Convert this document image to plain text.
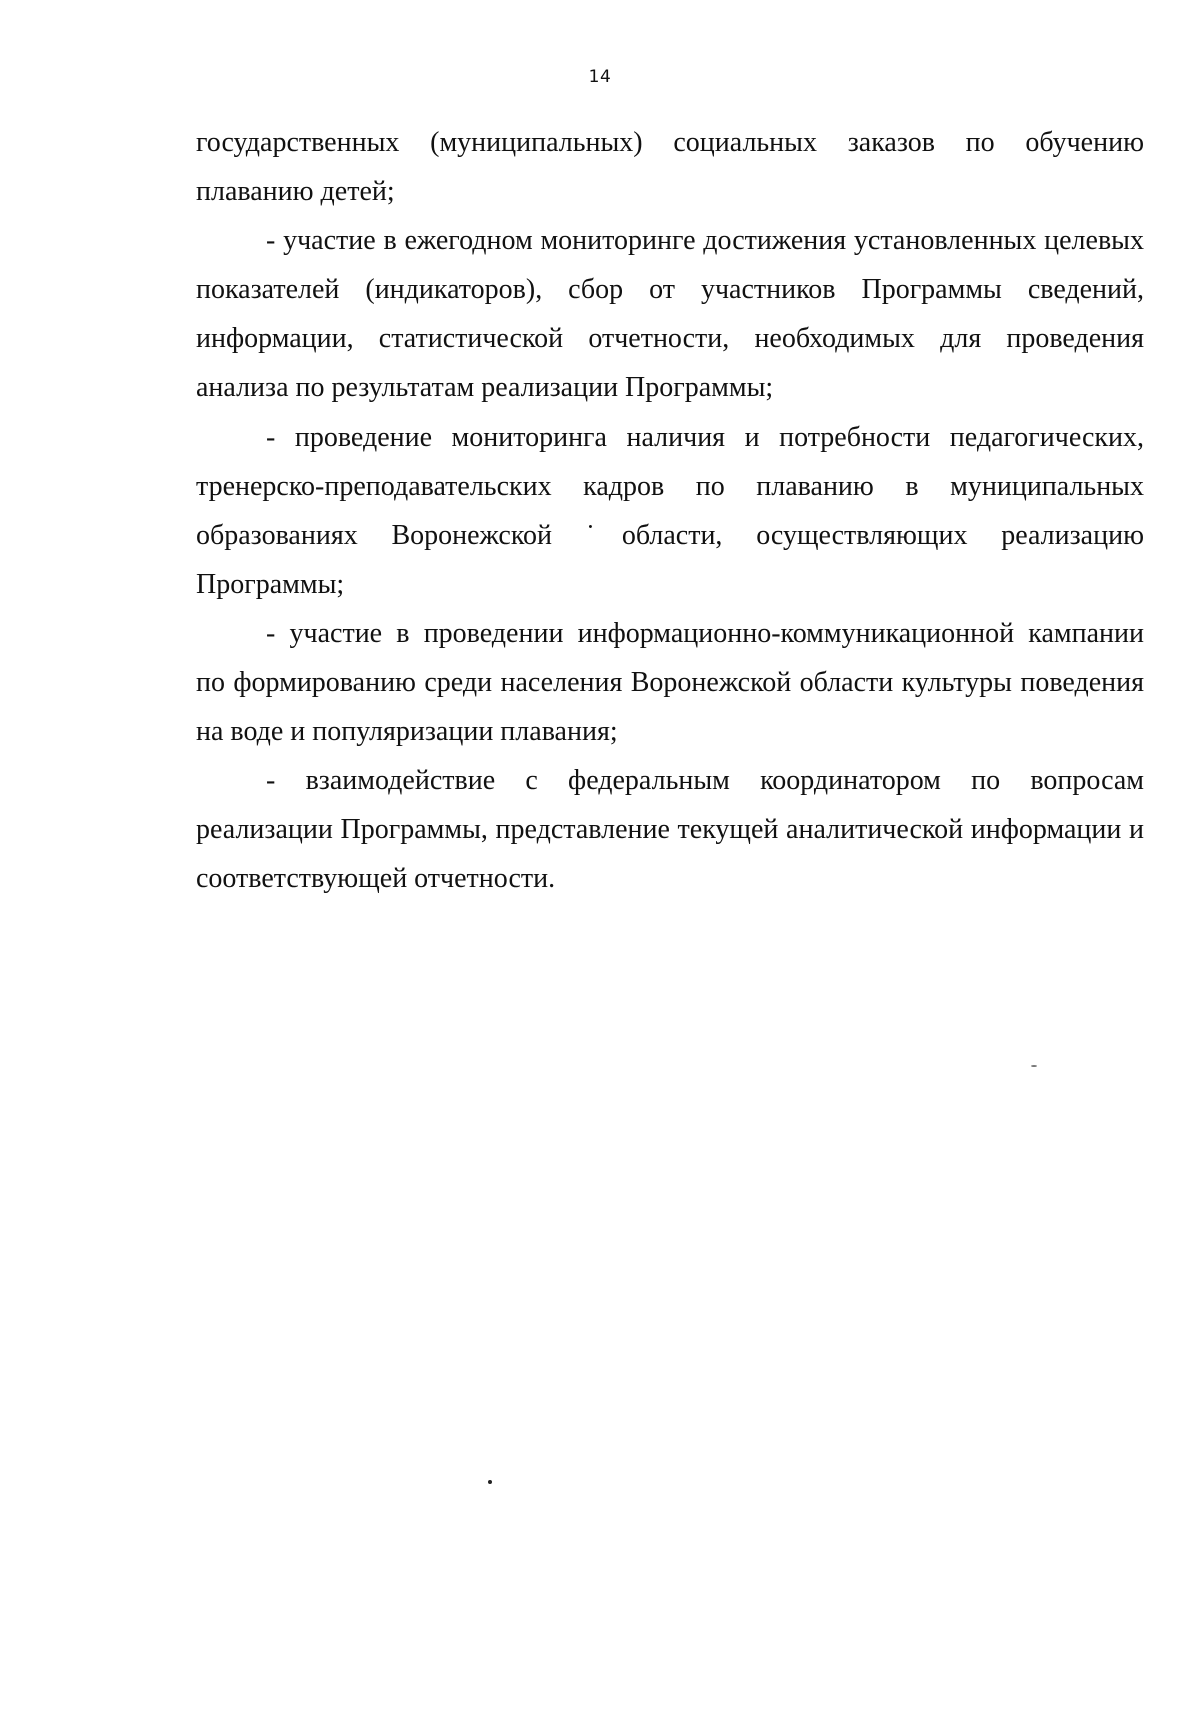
14

государственных (муниципальных) социальных заказов по обучению плаванию детей;

- участие в ежегодном мониторинге достижения установленных целевых показателей (индикаторов), сбор от участников Программы сведений, информации, статистической отчетности, необходимых для проведения анализа по результатам реализации Программы;

- проведение мониторинга наличия и потребности педагогических, тренерско-преподавательских кадров по плаванию в муниципальных образованиях Воронежской ˙области, осуществляющих реализацию Программы;

- участие в проведении информационно-коммуникационной кампании по формированию среди населения Воронежской области культуры поведения на воде и популяризации плавания;

- взаимодействие с федеральным координатором по вопросам реализации Программы, представление текущей аналитической информации и соответствующей отчетности.
